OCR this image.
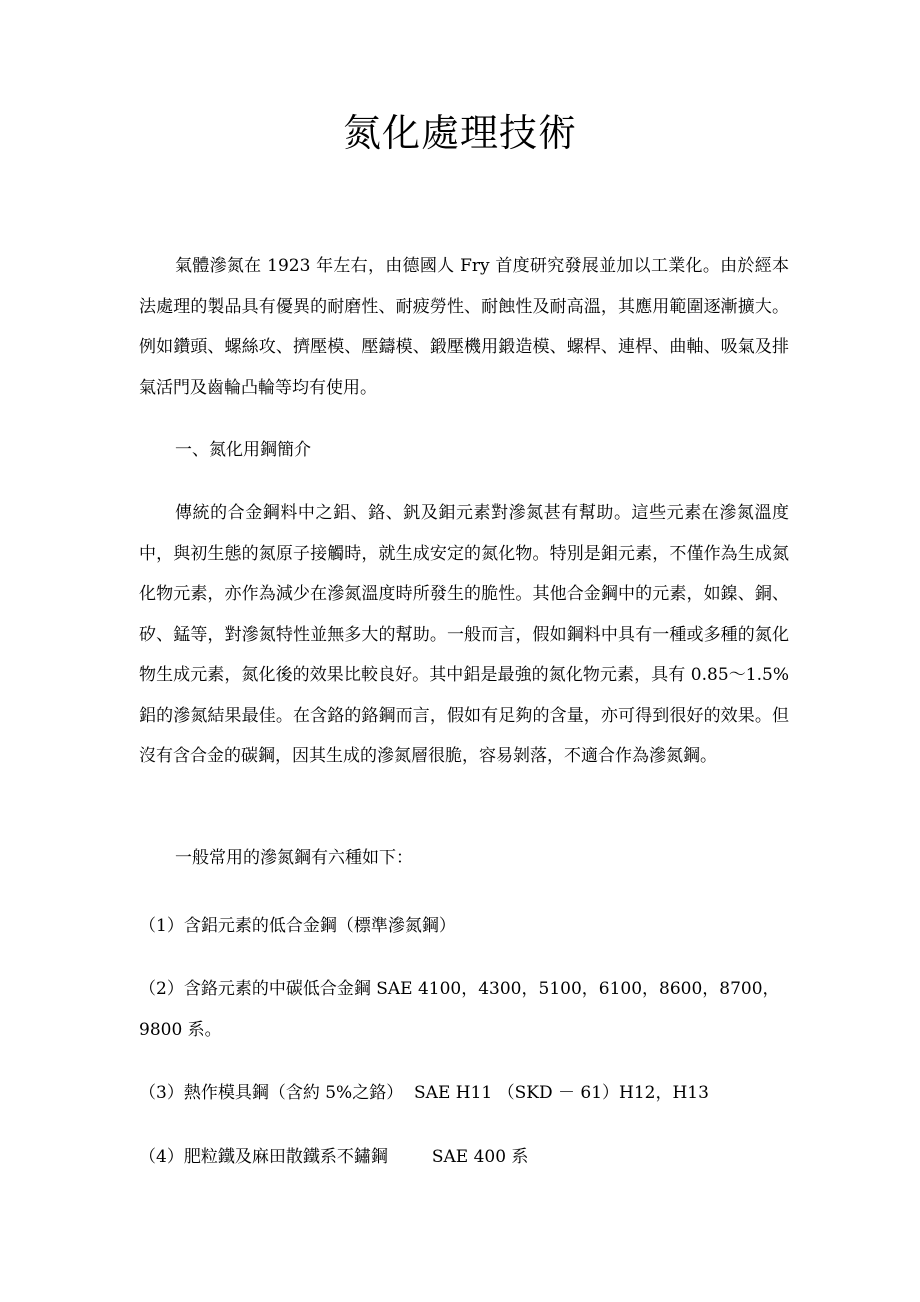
氮化處理技術

氣體滲氮在 1923 年左右，由德國人 Fry 首度研究發展並加以工業化。由於經本法處理的製品具有優異的耐磨性、耐疲勞性、耐蝕性及耐高溫，其應用範圍逐漸擴大。例如鑽頭、螺絲攻、擠壓模、壓鑄模、鍛壓機用鍛造模、螺桿、連桿、曲軸、吸氣及排氣活門及齒輪凸輪等均有使用。

一、氮化用鋼簡介

傳統的合金鋼料中之鋁、鉻、釩及鉬元素對滲氮甚有幫助。這些元素在滲氮溫度中，與初生態的氮原子接觸時，就生成安定的氮化物。特別是鉬元素，不僅作為生成氮化物元素，亦作為減少在滲氮溫度時所發生的脆性。其他合金鋼中的元素，如鎳、銅、矽、錳等，對滲氮特性並無多大的幫助。一般而言，假如鋼料中具有一種或多種的氮化物生成元素，氮化後的效果比較良好。其中鋁是最強的氮化物元素，具有 0.85～1.5%鋁的滲氮結果最佳。在含鉻的鉻鋼而言，假如有足夠的含量，亦可得到很好的效果。但沒有含合金的碳鋼，因其生成的滲氮層很脆，容易剝落，不適合作為滲氮鋼。

一般常用的滲氮鋼有六種如下：

（1）含鋁元素的低合金鋼（標準滲氮鋼）

（2）含鉻元素的中碳低合金鋼 SAE 4100，4300，5100，6100，8600，8700，9800 系。

（3）熱作模具鋼（含約 5%之鉻） SAE H11 （SKD － 61）H12，H13

（4）肥粒鐵及麻田散鐵系不鏽鋼	SAE 400 系
